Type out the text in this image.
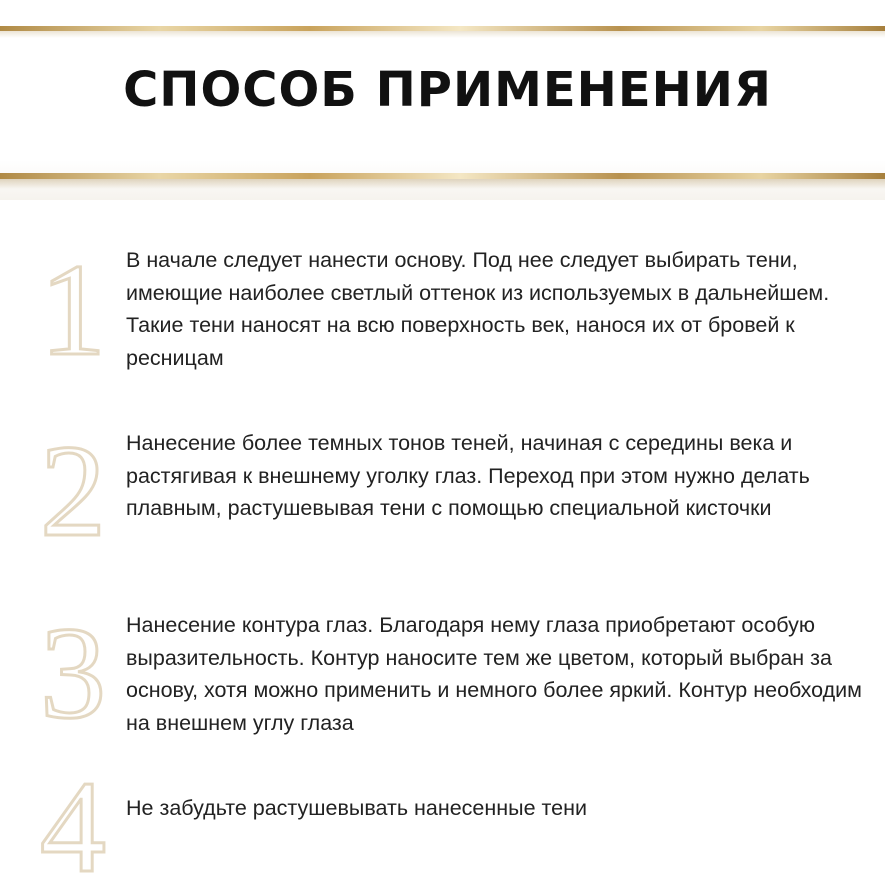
СПОСОБ ПРИМЕНЕНИЯ
1 В начале следует нанести основу. Под нее следует выбирать тени, имеющие наиболее светлый оттенок из используемых в дальнейшем. Такие тени наносят на всю поверхность век, нанося их от бровей к ресницам
2 Нанесение более темных тонов теней, начиная с середины века и растягивая к внешнему уголку глаз. Переход при этом нужно делать плавным, растушевывая тени с помощью специальной кисточки
3 Нанесение контура глаз. Благодаря нему глаза приобретают особую выразительность. Контур наносите тем же цветом, который выбран за основу, хотя можно применить и немного более яркий. Контур необходим на внешнем углу глаза
4 Не забудьте растушевывать нанесенные тени
